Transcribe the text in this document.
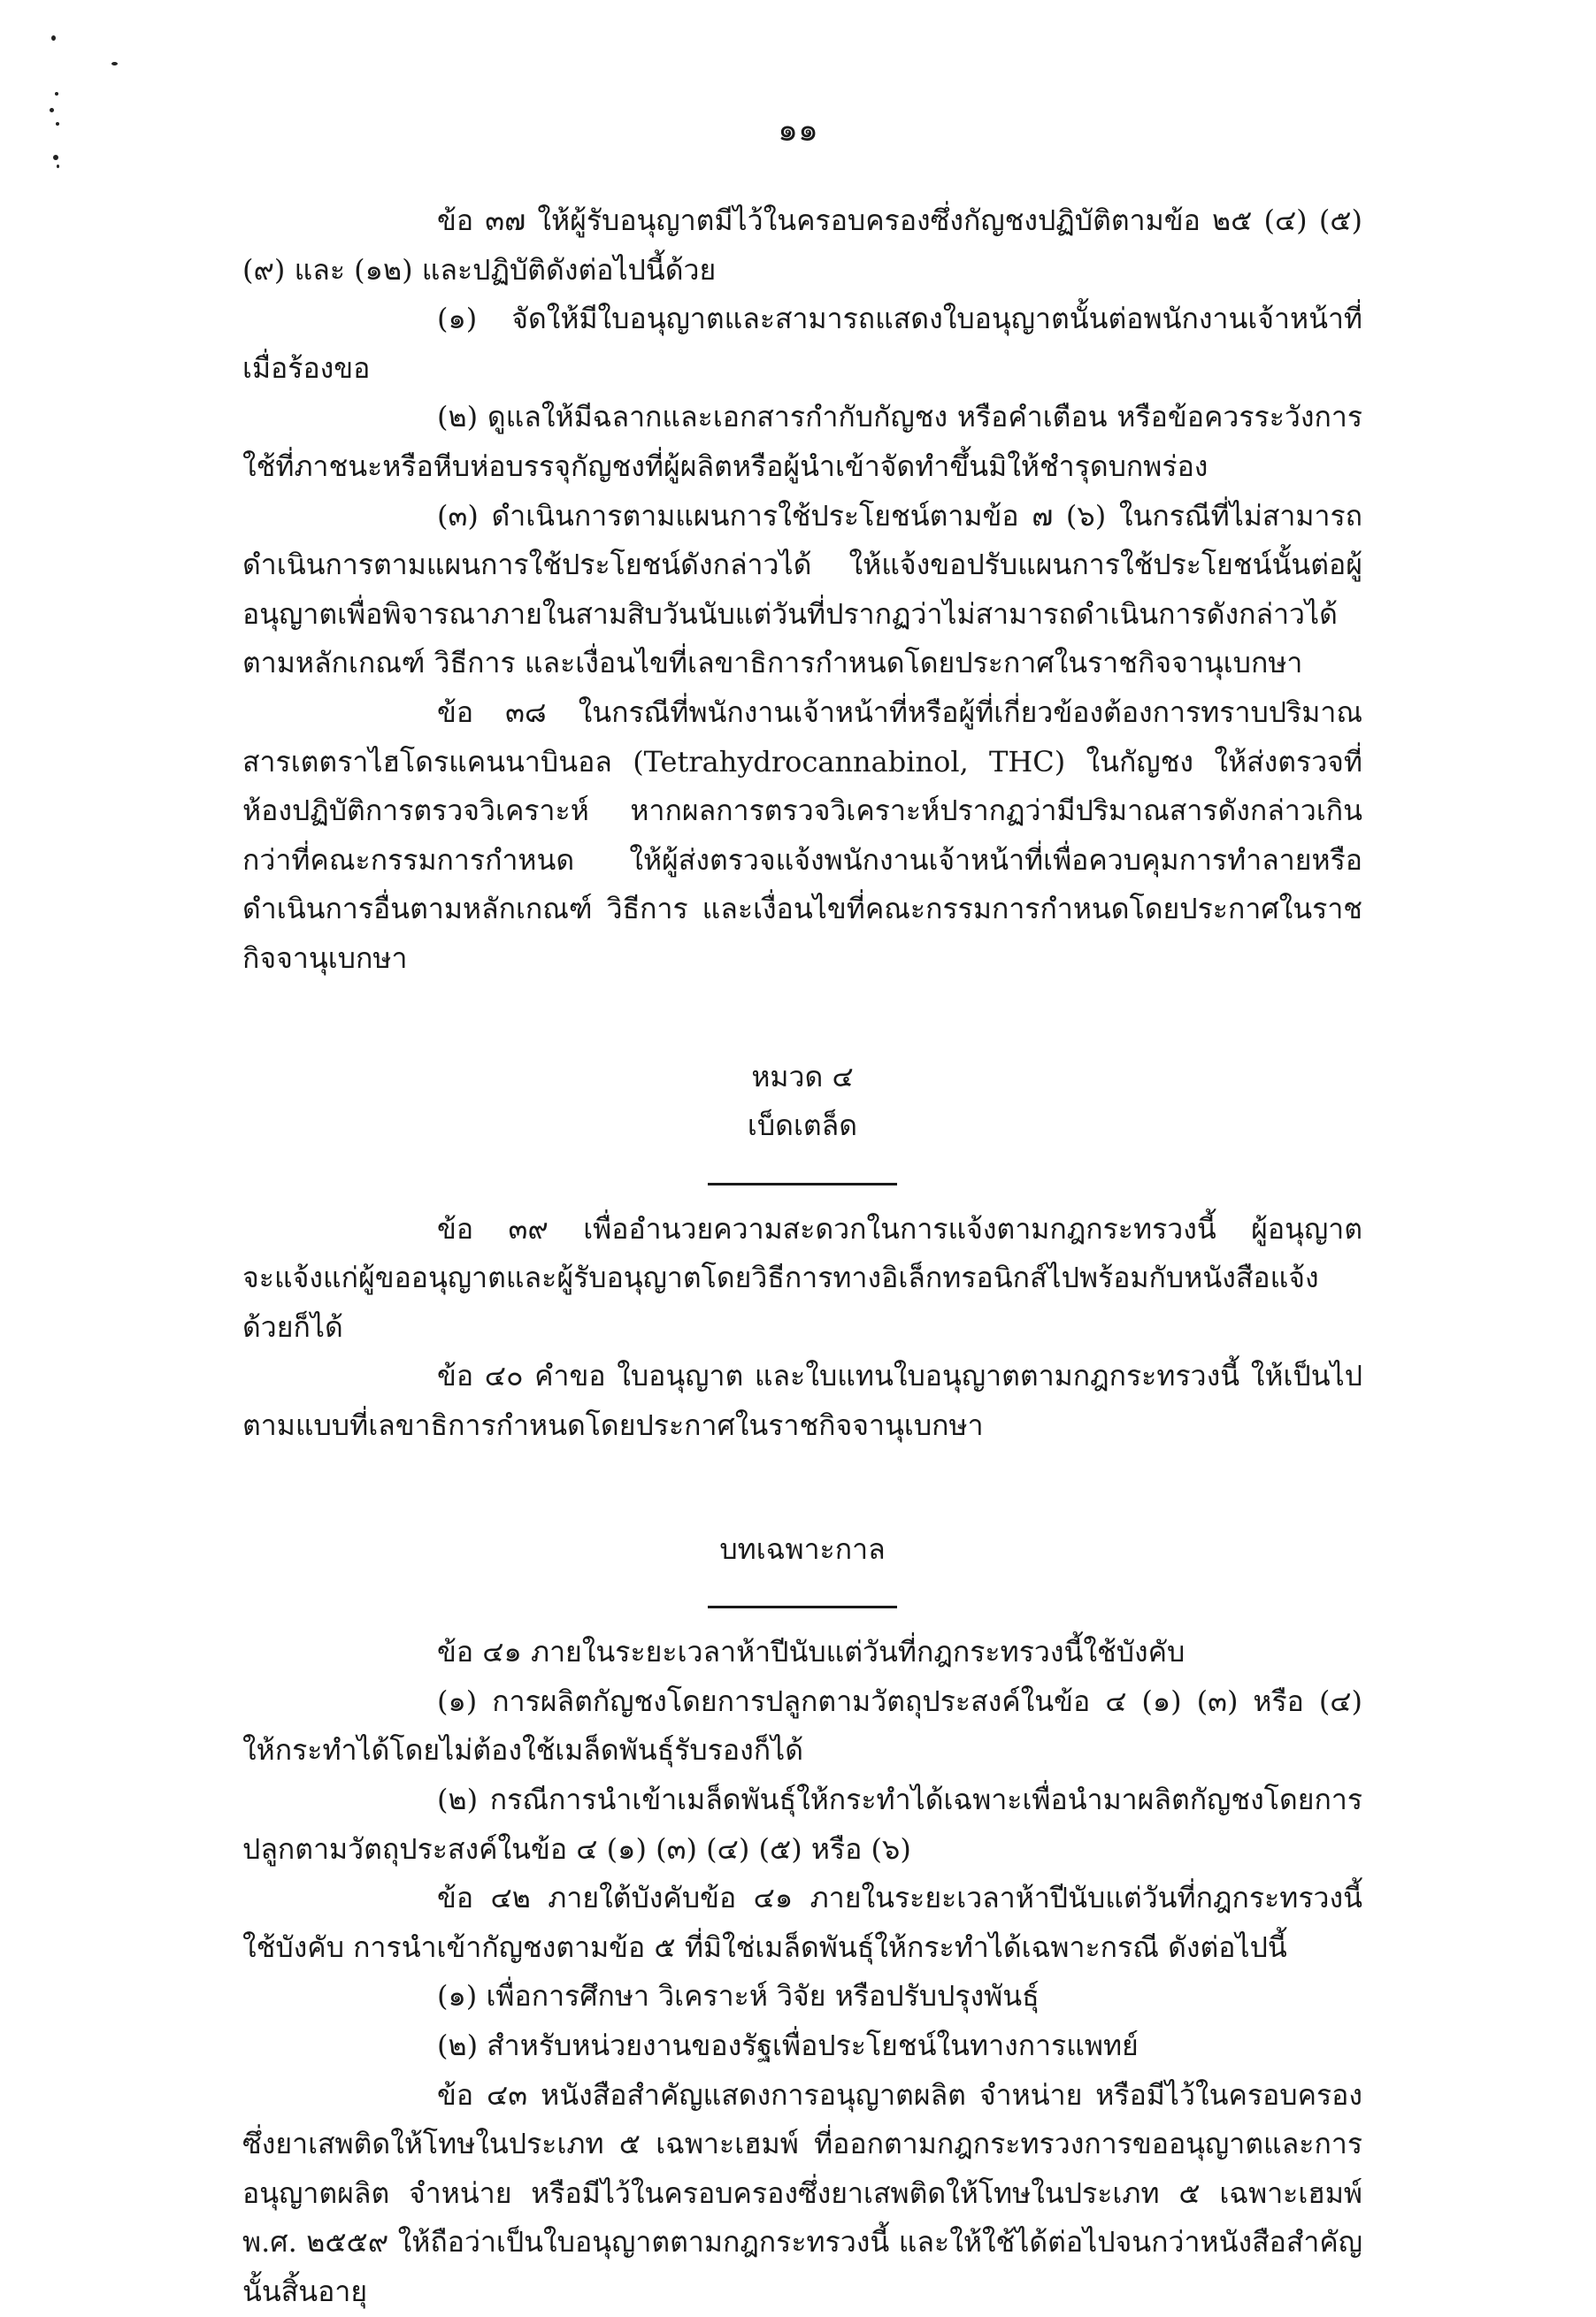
๑๑

ข้อ ๓๗ ให้ผู้รับอนุญาตมีไว้ในครอบครองซึ่งกัญชงปฏิบัติตามข้อ ๒๕ (๔) (๕) (๙) และ (๑๒) และปฏิบัติดังต่อไปนี้ด้วย

(๑) จัดให้มีใบอนุญาตและสามารถแสดงใบอนุญาตนั้นต่อพนักงานเจ้าหน้าที่เมื่อร้องขอ

(๒) ดูแลให้มีฉลากและเอกสารกำกับกัญชง หรือคำเตือน หรือข้อควรระวังการใช้ที่ภาชนะหรือหีบห่อบรรจุกัญชงที่ผู้ผลิตหรือผู้นำเข้าจัดทำขึ้นมิให้ชำรุดบกพร่อง

(๓) ดำเนินการตามแผนการใช้ประโยชน์ตามข้อ ๗ (๖) ในกรณีที่ไม่สามารถดำเนินการตามแผนการใช้ประโยชน์ดังกล่าวได้ ให้แจ้งขอปรับแผนการใช้ประโยชน์นั้นต่อผู้อนุญาตเพื่อพิจารณาภายในสามสิบวันนับแต่วันที่ปรากฏว่าไม่สามารถดำเนินการดังกล่าวได้ ตามหลักเกณฑ์ วิธีการ และเงื่อนไขที่เลขาธิการกำหนดโดยประกาศในราชกิจจานุเบกษา

ข้อ ๓๘ ในกรณีที่พนักงานเจ้าหน้าที่หรือผู้ที่เกี่ยวข้องต้องการทราบปริมาณสารเตตราไฮโดรแคนนาบินอล (Tetrahydrocannabinol, THC) ในกัญชง ให้ส่งตรวจที่ห้องปฏิบัติการตรวจวิเคราะห์ หากผลการตรวจวิเคราะห์ปรากฏว่ามีปริมาณสารดังกล่าวเกินกว่าที่คณะกรรมการกำหนด ให้ผู้ส่งตรวจแจ้งพนักงานเจ้าหน้าที่เพื่อควบคุมการทำลายหรือดำเนินการอื่นตามหลักเกณฑ์ วิธีการ และเงื่อนไขที่คณะกรรมการกำหนดโดยประกาศในราชกิจจานุเบกษา

หมวด ๔

เบ็ดเตล็ด

ข้อ ๓๙ เพื่ออำนวยความสะดวกในการแจ้งตามกฎกระทรวงนี้ ผู้อนุญาตจะแจ้งแก่ผู้ขออนุญาตและผู้รับอนุญาตโดยวิธีการทางอิเล็กทรอนิกส์ไปพร้อมกับหนังสือแจ้งด้วยก็ได้

ข้อ ๔๐ คำขอ ใบอนุญาต และใบแทนใบอนุญาตตามกฎกระทรวงนี้ ให้เป็นไปตามแบบที่เลขาธิการกำหนดโดยประกาศในราชกิจจานุเบกษา

บทเฉพาะกาล

ข้อ ๔๑ ภายในระยะเวลาห้าปีนับแต่วันที่กฎกระทรวงนี้ใช้บังคับ

(๑) การผลิตกัญชงโดยการปลูกตามวัตถุประสงค์ในข้อ ๔ (๑) (๓) หรือ (๔) ให้กระทำได้โดยไม่ต้องใช้เมล็ดพันธุ์รับรองก็ได้

(๒) กรณีการนำเข้าเมล็ดพันธุ์ให้กระทำได้เฉพาะเพื่อนำมาผลิตกัญชงโดยการปลูกตามวัตถุประสงค์ในข้อ ๔ (๑) (๓) (๔) (๕) หรือ (๖)

ข้อ ๔๒ ภายใต้บังคับข้อ ๔๑ ภายในระยะเวลาห้าปีนับแต่วันที่กฎกระทรวงนี้ใช้บังคับ การนำเข้ากัญชงตามข้อ ๕ ที่มิใช่เมล็ดพันธุ์ให้กระทำได้เฉพาะกรณี ดังต่อไปนี้

(๑) เพื่อการศึกษา วิเคราะห์ วิจัย หรือปรับปรุงพันธุ์

(๒) สำหรับหน่วยงานของรัฐเพื่อประโยชน์ในทางการแพทย์

ข้อ ๔๓ หนังสือสำคัญแสดงการอนุญาตผลิต จำหน่าย หรือมีไว้ในครอบครองซึ่งยาเสพติดให้โทษในประเภท ๕ เฉพาะเฮมพ์ ที่ออกตามกฎกระทรวงการขออนุญาตและการอนุญาตผลิต จำหน่าย หรือมีไว้ในครอบครองซึ่งยาเสพติดให้โทษในประเภท ๕ เฉพาะเฮมพ์ พ.ศ. ๒๕๕๙ ให้ถือว่าเป็นใบอนุญาตตามกฎกระทรวงนี้ และให้ใช้ได้ต่อไปจนกว่าหนังสือสำคัญนั้นสิ้นอายุ
